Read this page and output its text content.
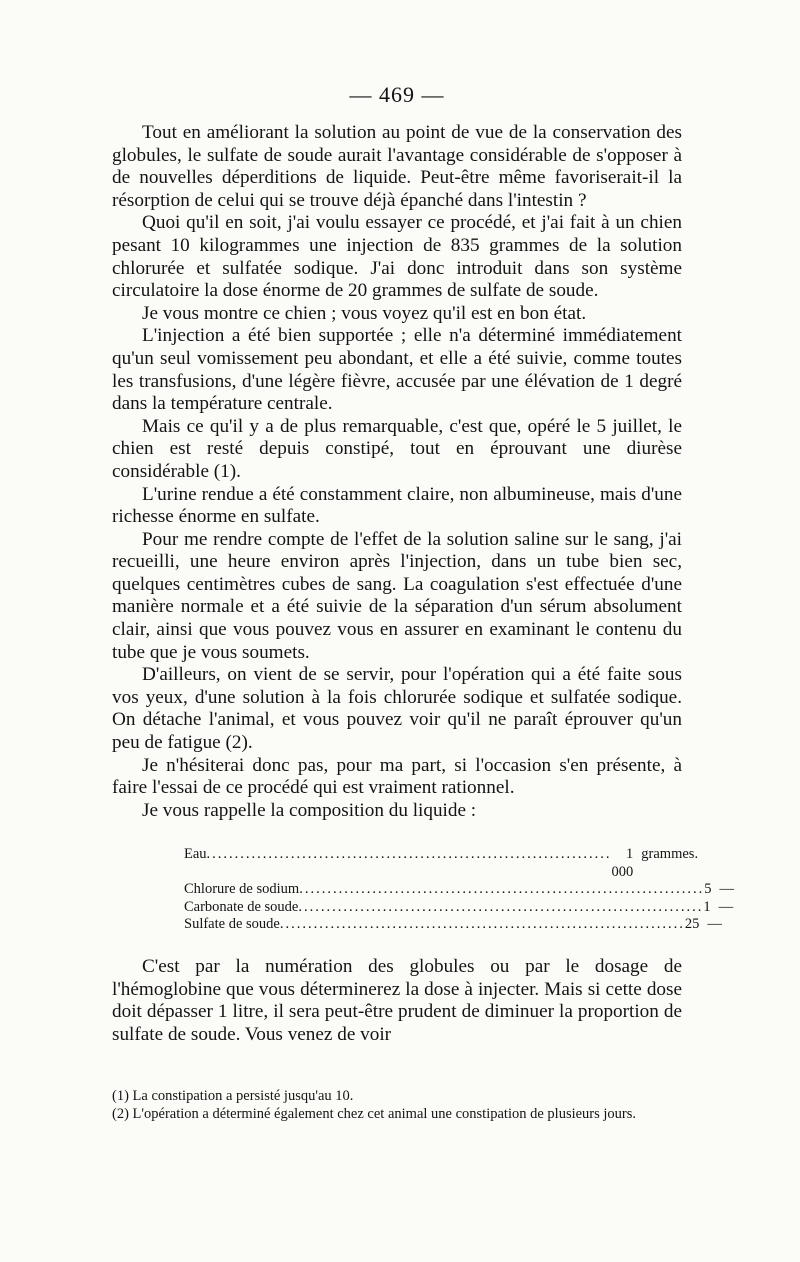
— 469 —

Tout en améliorant la solution au point de vue de la conservation des globules, le sulfate de soude aurait l'avantage considérable de s'opposer à de nouvelles déperditions de liquide. Peut-être même favoriserait-il la résorption de celui qui se trouve déjà épanché dans l'intestin ?

Quoi qu'il en soit, j'ai voulu essayer ce procédé, et j'ai fait à un chien pesant 10 kilogrammes une injection de 835 grammes de la solution chlorurée et sulfatée sodique. J'ai donc introduit dans son système circulatoire la dose énorme de 20 grammes de sulfate de soude.

Je vous montre ce chien ; vous voyez qu'il est en bon état.

L'injection a été bien supportée ; elle n'a déterminé immédiatement qu'un seul vomissement peu abondant, et elle a été suivie, comme toutes les transfusions, d'une légère fièvre, accusée par une élévation de 1 degré dans la température centrale.

Mais ce qu'il y a de plus remarquable, c'est que, opéré le 5 juillet, le chien est resté depuis constipé, tout en éprouvant une diurèse considérable (1).

L'urine rendue a été constamment claire, non albumineuse, mais d'une richesse énorme en sulfate.

Pour me rendre compte de l'effet de la solution saline sur le sang, j'ai recueilli, une heure environ après l'injection, dans un tube bien sec, quelques centimètres cubes de sang. La coagulation s'est effectuée d'une manière normale et a été suivie de la séparation d'un sérum absolument clair, ainsi que vous pouvez vous en assurer en examinant le contenu du tube que je vous soumets.

D'ailleurs, on vient de se servir, pour l'opération qui a été faite sous vos yeux, d'une solution à la fois chlorurée sodique et sulfatée sodique. On détache l'animal, et vous pouvez voir qu'il ne paraît éprouver qu'un peu de fatigue (2).

Je n'hésiterai donc pas, pour ma part, si l'occasion s'en présente, à faire l'essai de ce procédé qui est vraiment rationnel.

Je vous rappelle la composition du liquide :

Eau ........................................................................	1 000
grammes.
Chlorure de sodium ........................................................................ 5 —
Carbonate de soude ........................................................................ 1 —
Sulfate de soude ........................................................................ 25 —

C'est par la numération des globules ou par le dosage de l'hémoglobine que vous déterminerez la dose à injecter. Mais si cette dose doit dépasser 1 litre, il sera peut-être prudent de diminuer la proportion de sulfate de soude. Vous venez de voir

(1) La constipation a persisté jusqu'au 10.

(2) L'opération a déterminé également chez cet animal une constipation de plusieurs jours.
